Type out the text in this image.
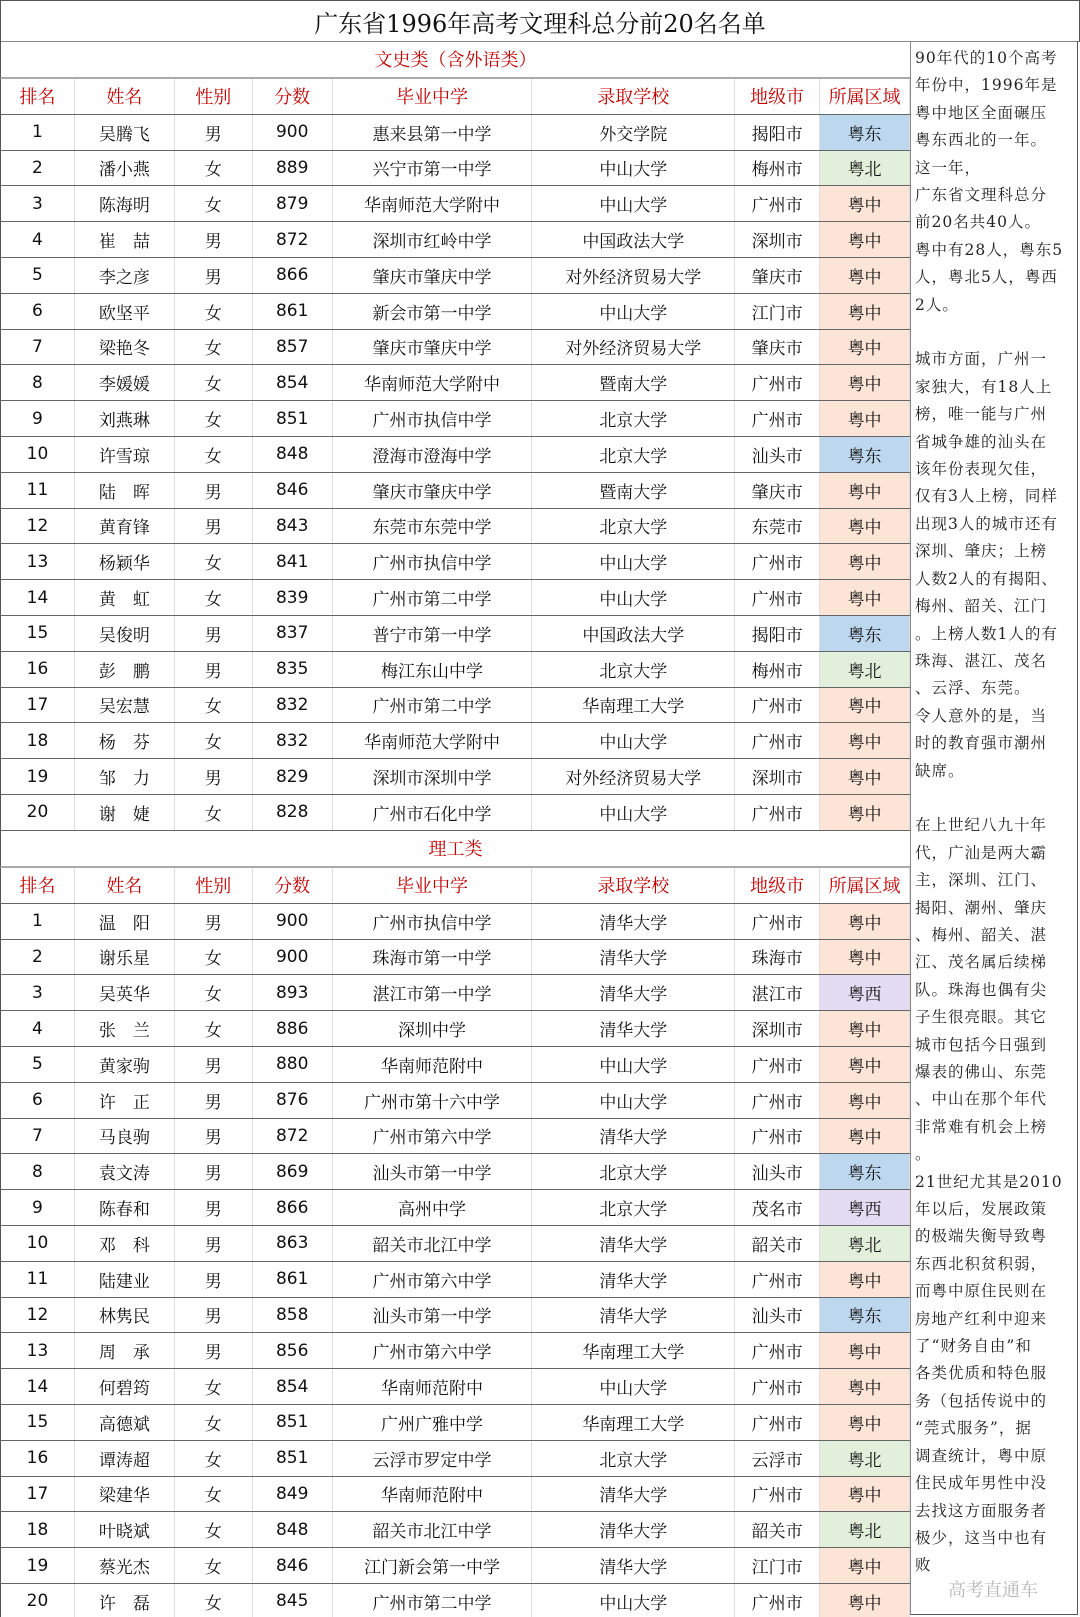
广东省1996年高考文理科总分前20名名单
文史类（含外语类）
排名	姓名	性别	分数	毕业中学	录取学校	地级市	所属区域
1	吴腾飞	男	900	惠来县第一中学	外交学院	揭阳市	粤东
2	潘小燕	女	889	兴宁市第一中学	中山大学	梅州市	粤北
3	陈海明	女	879	华南师范大学附中	中山大学	广州市	粤中
4	崔　喆	男	872	深圳市红岭中学	中国政法大学	深圳市	粤中
5	李之彦	男	866	肇庆市肇庆中学	对外经济贸易大学	肇庆市	粤中
6	欧坚平	女	861	新会市第一中学	中山大学	江门市	粤中
7	梁艳冬	女	857	肇庆市肇庆中学	对外经济贸易大学	肇庆市	粤中
8	李媛媛	女	854	华南师范大学附中	暨南大学	广州市	粤中
9	刘燕琳	女	851	广州市执信中学	北京大学	广州市	粤中
10	许雪琼	女	848	澄海市澄海中学	北京大学	汕头市	粤东
11	陆　晖	男	846	肇庆市肇庆中学	暨南大学	肇庆市	粤中
12	黄育锋	男	843	东莞市东莞中学	北京大学	东莞市	粤中
13	杨颖华	女	841	广州市执信中学	中山大学	广州市	粤中
14	黄　虹	女	839	广州市第二中学	中山大学	广州市	粤中
15	吴俊明	男	837	普宁市第一中学	中国政法大学	揭阳市	粤东
16	彭　鹏	男	835	梅江东山中学	北京大学	梅州市	粤北
17	吴宏慧	女	832	广州市第二中学	华南理工大学	广州市	粤中
18	杨　芬	女	832	华南师范大学附中	中山大学	广州市	粤中
19	邹　力	男	829	深圳市深圳中学	对外经济贸易大学	深圳市	粤中
20	谢　婕	女	828	广州市石化中学	中山大学	广州市	粤中
理工类
排名	姓名	性别	分数	毕业中学	录取学校	地级市	所属区域
1	温　阳	男	900	广州市执信中学	清华大学	广州市	粤中
2	谢乐星	女	900	珠海市第一中学	清华大学	珠海市	粤中
3	吴英华	女	893	湛江市第一中学	清华大学	湛江市	粤西
4	张　兰	女	886	深圳中学	清华大学	深圳市	粤中
5	黄家驹	男	880	华南师范附中	中山大学	广州市	粤中
6	许　正	男	876	广州市第十六中学	中山大学	广州市	粤中
7	马良驹	男	872	广州市第六中学	清华大学	广州市	粤中
8	袁文涛	男	869	汕头市第一中学	北京大学	汕头市	粤东
9	陈春和	男	866	高州中学	北京大学	茂名市	粤西
10	邓　科	男	863	韶关市北江中学	清华大学	韶关市	粤北
11	陆建业	男	861	广州市第六中学	清华大学	广州市	粤中
12	林隽民	男	858	汕头市第一中学	清华大学	汕头市	粤东
13	周　承	男	856	广州市第六中学	华南理工大学	广州市	粤中
14	何碧筠	女	854	华南师范附中	中山大学	广州市	粤中
15	高德斌	女	851	广州广雅中学	华南理工大学	广州市	粤中
16	谭涛超	女	851	云浮市罗定中学	北京大学	云浮市	粤北
17	梁建华	女	849	华南师范附中	清华大学	广州市	粤中
18	叶晓斌	女	848	韶关市北江中学	清华大学	韶关市	粤北
19	蔡光杰	女	846	江门新会第一中学	清华大学	江门市	粤中
20	许　磊	女	845	广州市第二中学	中山大学	广州市	粤中
90年代的10个高考
年份中，1996年是
粤中地区全面碾压
粤东西北的一年。
这一年，
广东省文理科总分
前20名共40人。
粤中有28人，粤东5
人，粤北5人，粤西
2人。
城市方面，广州一
家独大，有18人上
榜，唯一能与广州
省城争雄的汕头在
该年份表现欠佳，
仅有3人上榜，同样
出现3人的城市还有
深圳、肇庆；上榜
人数2人的有揭阳、
梅州、韶关、江门
。上榜人数1人的有
珠海、湛江、茂名
、云浮、东莞。
令人意外的是，当
时的教育强市潮州
缺席。
在上世纪八九十年
代，广汕是两大霸
主，深圳、江门、
揭阳、潮州、肇庆
、梅州、韶关、湛
江、茂名属后续梯
队。珠海也偶有尖
子生很亮眼。其它
城市包括今日强到
爆表的佛山、东莞
、中山在那个年代
非常难有机会上榜
。
21世纪尤其是2010
年以后，发展政策
的极端失衡导致粤
东西北积贫积弱，
而粤中原住民则在
房地产红利中迎来
了“财务自由”和
各类优质和特色服
务（包括传说中的
“莞式服务”，据
调查统计，粤中原
住民成年男性中没
去找这方面服务者
极少，这当中也有
败
高考直通车
